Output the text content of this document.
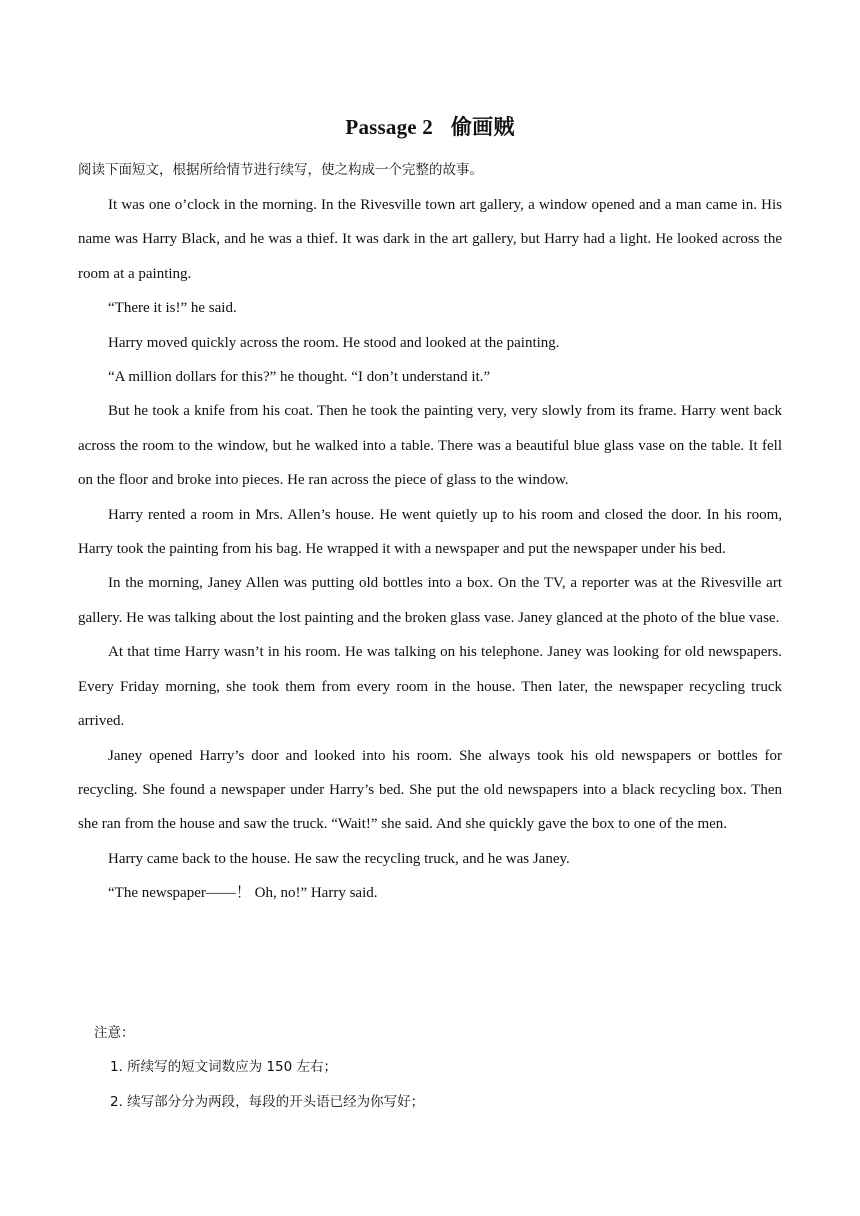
Passage 2 偷画贼
阅读下面短文，根据所给情节进行续写，使之构成一个完整的故事。

It was one o’clock in the morning. In the Rivesville town art gallery, a window opened and a man came in. His name was Harry Black, and he was a thief. It was dark in the art gallery, but Harry had a light. He looked across the room at a painting.

“There it is!” he said.

Harry moved quickly across the room. He stood and looked at the painting.

“A million dollars for this?” he thought. “I don’t understand it.”

But he took a knife from his coat. Then he took the painting very, very slowly from its frame. Harry went back across the room to the window, but he walked into a table. There was a beautiful blue glass vase on the table. It fell on the floor and broke into pieces. He ran across the piece of glass to the window.

Harry rented a room in Mrs. Allen’s house. He went quietly up to his room and closed the door. In his room, Harry took the painting from his bag. He wrapped it with a newspaper and put the newspaper under his bed.

In the morning, Janey Allen was putting old bottles into a box. On the TV, a reporter was at the Rivesville art gallery. He was talking about the lost painting and the broken glass vase. Janey glanced at the photo of the blue vase.

At that time Harry wasn’t in his room. He was talking on his telephone. Janey was looking for old newspapers. Every Friday morning, she took them from every room in the house. Then later, the newspaper recycling truck arrived.

Janey opened Harry’s door and looked into his room. She always took his old newspapers or bottles for recycling. She found a newspaper under Harry’s bed. She put the old newspapers into a black recycling box. Then she ran from the house and saw the truck. “Wait!” she said. And she quickly gave the box to one of the men.

Harry came back to the house. He saw the recycling truck, and he was Janey.

“The newspaper——！ Oh, no!” Harry said.

注意：
1. 所续写的短文词数应为 150 左右；
2. 续写部分分为两段，每段的开头语已经为你写好；
